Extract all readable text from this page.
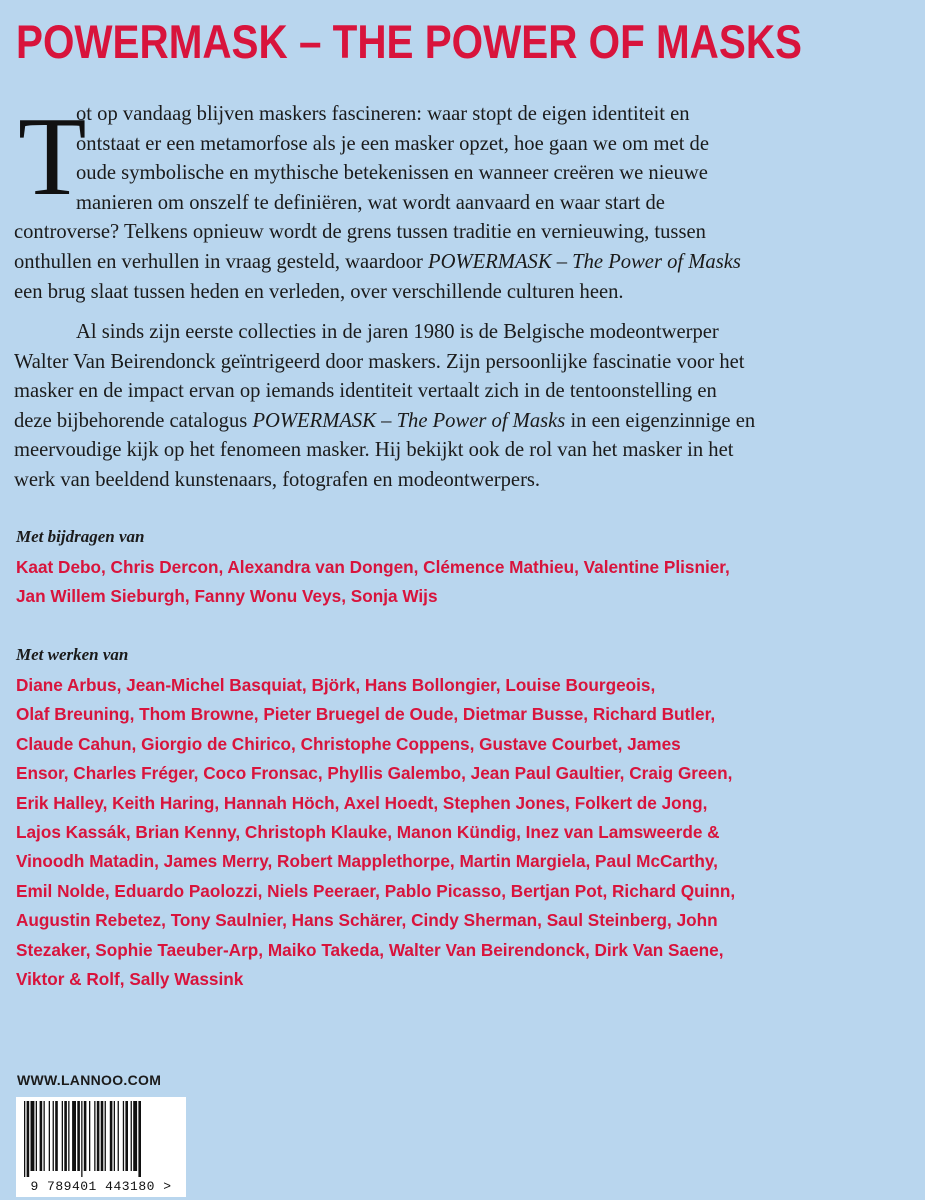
POWERMASK – THE POWER OF MASKS
T
ot op vandaag blijven maskers fascineren: waar stopt de eigen identiteit en
ontstaat er een metamorfose als je een masker opzet, hoe gaan we om met de
oude symbolische en mythische betekenissen en wanneer creëren we nieuwe
manieren om onszelf te definiëren, wat wordt aanvaard en waar start de
controverse? Telkens opnieuw wordt de grens tussen traditie en vernieuwing, tussen
onthullen en verhullen in vraag gesteld, waardoor POWERMASK – The Power of Masks
een brug slaat tussen heden en verleden, over verschillende culturen heen.
Al sinds zijn eerste collecties in de jaren 1980 is de Belgische modeontwerper
Walter Van Beirendonck geïntrigeerd door maskers. Zijn persoonlijke fascinatie voor het
masker en de impact ervan op iemands identiteit vertaalt zich in de tentoonstelling en
deze bijbehorende catalogus POWERMASK – The Power of Masks in een eigenzinnige en
meervoudige kijk op het fenomeen masker. Hij bekijkt ook de rol van het masker in het
werk van beeldend kunstenaars, fotografen en modeontwerpers.
Met bijdragen van
Kaat Debo, Chris Dercon, Alexandra van Dongen, Clémence Mathieu, Valentine Plisnier,
Jan Willem Sieburgh, Fanny Wonu Veys, Sonja Wijs
Met werken van
Diane Arbus, Jean-Michel Basquiat, Björk, Hans Bollongier, Louise Bourgeois,
Olaf Breuning, Thom Browne, Pieter Bruegel de Oude, Dietmar Busse, Richard Butler,
Claude Cahun, Giorgio de Chirico, Christophe Coppens, Gustave Courbet, James
Ensor, Charles Fréger, Coco Fronsac, Phyllis Galembo, Jean Paul Gaultier, Craig Green,
Erik Halley, Keith Haring, Hannah Höch, Axel Hoedt, Stephen Jones, Folkert de Jong,
Lajos Kassák, Brian Kenny, Christoph Klauke, Manon Kündig, Inez van Lamsweerde &
Vinoodh Matadin, James Merry, Robert Mapplethorpe, Martin Margiela, Paul McCarthy,
Emil Nolde, Eduardo Paolozzi, Niels Peeraer, Pablo Picasso, Bertjan Pot, Richard Quinn,
Augustin Rebetez, Tony Saulnier, Hans Schärer, Cindy Sherman, Saul Steinberg, John
Stezaker, Sophie Taeuber-Arp, Maiko Takeda, Walter Van Beirendonck, Dirk Van Saene,
Viktor & Rolf, Sally Wassink
WWW.LANNOO.COM
9 789401 443180 >
